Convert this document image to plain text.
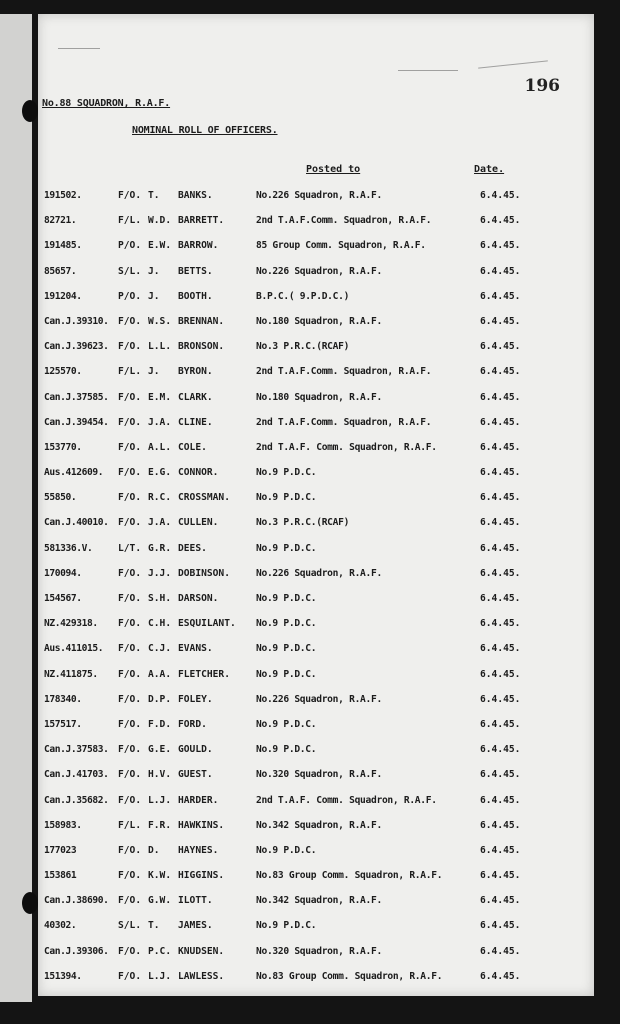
196
No.88 SQUADRON, R.A.F.
NOMINAL ROLL OF OFFICERS.
Posted to	Date.
191502.	F/O. T. BANKS.	No.226 Squadron, R.A.F.	6.4.45.
82721.	F/L. W.D. BARRETT.	2nd T.A.F.Comm. Squadron, R.A.F.	6.4.45.
191485.	P/O. E.W. BARROW.	85 Group Comm. Squadron, R.A.F.	6.4.45.
85657.	S/L. J. BETTS.	No.226 Squadron, R.A.F.	6.4.45.
191204.	P/O. J. BOOTH.	B.P.C.( 9.P.D.C.)	6.4.45.
Can.J.39310. F/O. W.S. BRENNAN.	No.180 Squadron, R.A.F.	6.4.45.
Can.J.39623. F/O. L.L. BRONSON.	No.3 P.R.C.(RCAF)	6.4.45.
125570.	F/L. J. BYRON.	2nd T.A.F.Comm. Squadron, R.A.F.	6.4.45.
Can.J.37585. F/O. E.M. CLARK.	No.180 Squadron, R.A.F.	6.4.45.
Can.J.39454. F/O. J.A. CLINE.	2nd T.A.F.Comm. Squadron, R.A.F.	6.4.45.
153770.	F/O. A.L. COLE.	2nd T.A.F. Comm. Squadron, R.A.F.	6.4.45.
Aus.412609.	F/O. E.G. CONNOR.	No.9 P.D.C.	6.4.45.
55850.	F/O. R.C. CROSSMAN.	No.9 P.D.C.	6.4.45.
Can.J.40010. F/O. J.A. CULLEN.	No.3 P.R.C.(RCAF)	6.4.45.
581336.V.	L/T. G.R. DEES.	No.9 P.D.C.	6.4.45.
170094.	F/O. J.J. DOBINSON.	No.226 Squadron, R.A.F.	6.4.45.
154567.	F/O. S.H. DARSON.	No.9 P.D.C.	6.4.45.
NZ.429318.	F/O. C.H. ESQUILANT. No.9 P.D.C.	6.4.45.
Aus.411015.	F/O. C.J. EVANS.	No.9 P.D.C.	6.4.45.
NZ.411875.	F/O. A.A. FLETCHER.	No.9 P.D.C.	6.4.45.
178340.	F/O. D.P. FOLEY.	No.226 Squadron, R.A.F.	6.4.45.
157517.	F/O. F.D. FORD.	No.9 P.D.C.	6.4.45.
Can.J.37583. F/O. G.E. GOULD.	No.9 P.D.C.	6.4.45.
Can.J.41703. F/O. H.V. GUEST.	No.320 Squadron, R.A.F.	6.4.45.
Can.J.35682. F/O. L.J. HARDER.	2nd T.A.F. Comm. Squadron, R.A.F.	6.4.45.
158983.	F/L. F.R. HAWKINS.	No.342 Squadron, R.A.F.	6.4.45.
177023	F/O. D. HAYNES.	No.9 P.D.C.	6.4.45.
153861	F/O. K.W. HIGGINS.	No.83 Group Comm. Squadron, R.A.F.	6.4.45.
Can.J.38690. F/O. G.W. ILOTT.	No.342 Squadron, R.A.F.	6.4.45.
40302.	S/L. T. JAMES.	No.9 P.D.C.	6.4.45.
Can.J.39306. F/O. P.C. KNUDSEN.	No.320 Squadron, R.A.F.	6.4.45.
151394.	F/O. L.J. LAWLESS.	No.83 Group Comm. Squadron, R.A.F.	6.4.45.
